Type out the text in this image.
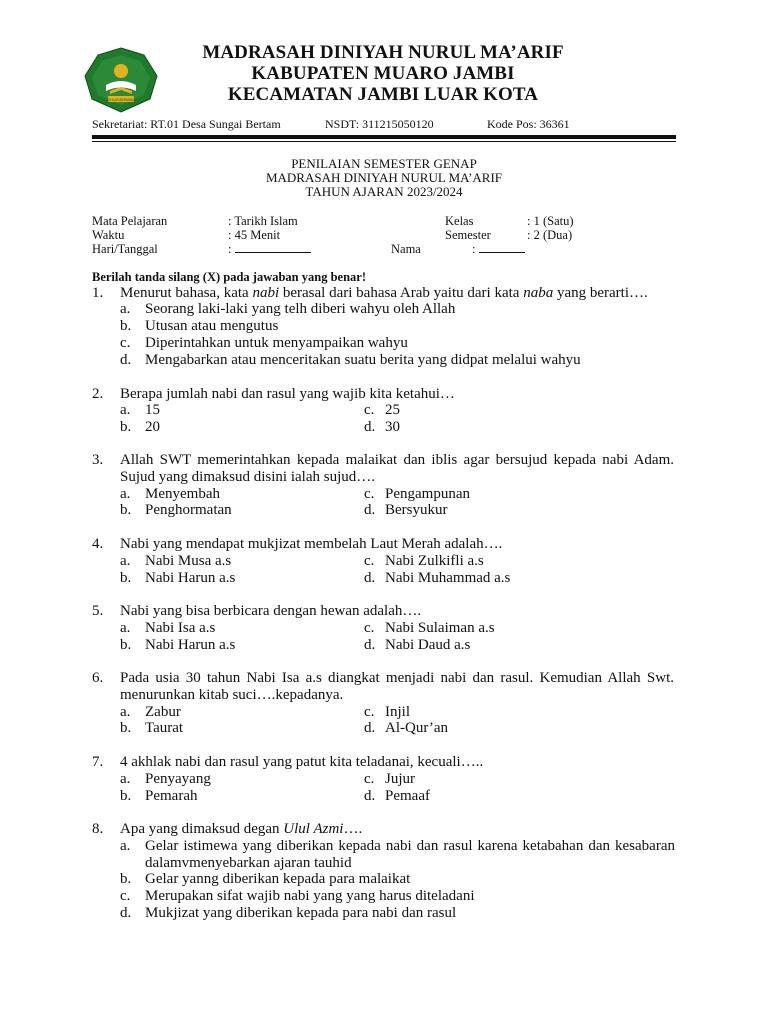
IKHLAS BERAMAL
MADRASAH DINIYAH NURUL MA’ARIF
KABUPATEN MUARO JAMBI
KECAMATAN JAMBI LUAR KOTA
Sekretariat: RT.01 Desa Sungai Bertam	NSDT: 311215050120	Kode Pos: 36361
PENILAIAN SEMESTER GENAP
MADRASAH DINIYAH NURUL MA’ARIF
TAHUN AJARAN 2023/2024
Mata Pelajaran	: Tarikh Islam
Waktu	: 45 Menit
Hari/Tanggal	:
Kelas	: 1 (Satu)
Semester	: 2 (Dua)
Nama	:
Berilah tanda silang (X) pada jawaban yang benar!
1. Menurut bahasa, kata nabi berasal dari bahasa Arab yaitu dari kata naba yang berarti….
a. Seorang laki-laki yang telh diberi wahyu oleh Allah
b. Utusan atau mengutus
c. Diperintahkan untuk menyampaikan wahyu
d. Mengabarkan atau menceritakan suatu berita yang didpat melalui wahyu
2. Berapa jumlah nabi dan rasul yang wajib kita ketahui…
a. 15	c. 25
b. 20	d. 30
3. Allah SWT memerintahkan kepada malaikat dan iblis agar bersujud kepada nabi Adam. Sujud yang dimaksud disini ialah sujud….
a. Menyembah	c. Pengampunan
b. Penghormatan	d. Bersyukur
4. Nabi yang mendapat mukjizat membelah Laut Merah adalah….
a. Nabi Musa a.s	c. Nabi Zulkifli a.s
b. Nabi Harun a.s	d. Nabi Muhammad a.s
5. Nabi yang bisa berbicara dengan hewan adalah….
a. Nabi Isa a.s	c. Nabi Sulaiman a.s
b. Nabi Harun a.s	d. Nabi Daud a.s
6. Pada usia 30 tahun Nabi Isa a.s diangkat menjadi nabi dan rasul. Kemudian Allah Swt. menurunkan kitab suci….kepadanya.
a. Zabur	c. Injil
b. Taurat	d. Al-Qur’an
7. 4 akhlak nabi dan rasul yang patut kita teladanai, kecuali…..
a. Penyayang	c. Jujur
b. Pemarah	d. Pemaaf
8. Apa yang dimaksud degan Ulul Azmi….
a. Gelar istimewa yang diberikan kepada nabi dan rasul karena ketabahan dan kesabaran dalamvmenyebarkan ajaran tauhid
b. Gelar yanng diberikan kepada para malaikat
c. Merupakan sifat wajib nabi yang yang harus diteladani
d. Mukjizat yang diberikan kepada para nabi dan rasul
